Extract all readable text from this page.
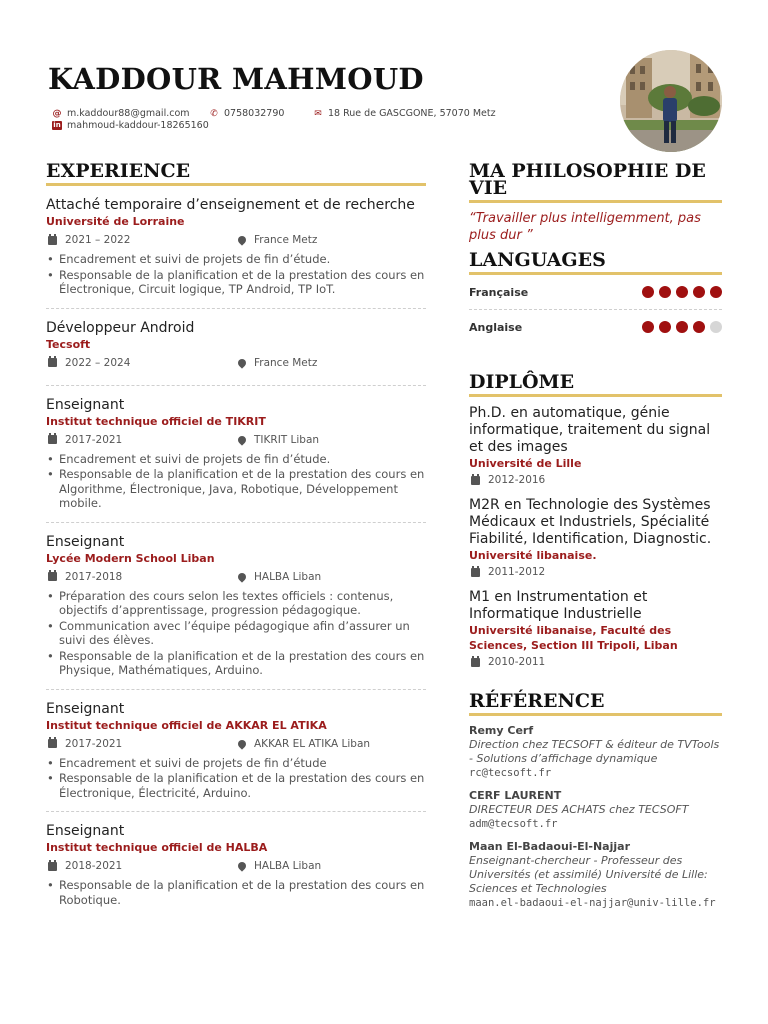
KADDOUR MAHMOUD
@ m.kaddour88@gmail.com ✆ 0758032790	✉ 18 Rue de GASCGONE, 57070 Metz
in mahmoud-kaddour-18265160
EXPERIENCE
Attaché temporaire d’enseignement et de recherche
Université de Lorraine
2021 – 2022	France Metz
• Encadrement et suivi de projets de fin d’étude.
• Responsable de la planification et de la prestation des cours en Électronique, Circuit logique, TP Android, TP IoT.
Développeur Android
Tecsoft
2022 – 2024	France Metz
Enseignant
Institut technique officiel de TIKRIT
2017-2021	TIKRIT Liban
• Encadrement et suivi de projets de fin d’étude.
• Responsable de la planification et de la prestation des cours en Algorithme, Électronique, Java, Robotique, Développement mobile.
Enseignant
Lycée Modern School Liban
2017-2018	HALBA Liban
• Préparation des cours selon les textes officiels : contenus, objectifs d’apprentissage, progression pédagogique.
• Communication avec l’équipe pédagogique afin d’assurer un suivi des élèves.
• Responsable de la planification et de la prestation des cours en Physique, Mathématiques, Arduino.
Enseignant
Institut technique officiel de AKKAR EL ATIKA
2017-2021	AKKAR EL ATIKA Liban
• Encadrement et suivi de projets de fin d’étude
• Responsable de la planification et de la prestation des cours en Électronique, Électricité, Arduino.
Enseignant
Institut technique officiel de HALBA
2018-2021	HALBA Liban
• Responsable de la planification et de la prestation des cours en Robotique.
MA PHILOSOPHIE DE VIE
“Travailler plus intelligemment, pas plus dur ”
LANGUAGES
Française
Anglaise
DIPLÔME
Ph.D. en automatique, génie informatique, traitement du signal et des images
Université de Lille
2012-2016
M2R en Technologie des Systèmes Médicaux et Industriels, Spécialité Fiabilité, Identification, Diagnostic.
Université libanaise.
2011-2012
M1 en Instrumentation et Informatique Industrielle
Université libanaise, Faculté des Sciences, Section III Tripoli, Liban
2010-2011
RÉFÉRENCE
Remy Cerf
Direction chez TECSOFT & éditeur de TVTools - Solutions d’affichage dynamique
rc@tecsoft.fr
CERF LAURENT
DIRECTEUR DES ACHATS chez TECSOFT
adm@tecsoft.fr
Maan El-Badaoui-El-Najjar
Enseignant-chercheur - Professeur des Universités (et assimilé) Université de Lille: Sciences et Technologies
maan.el-badaoui-el-najjar@univ-lille.fr
